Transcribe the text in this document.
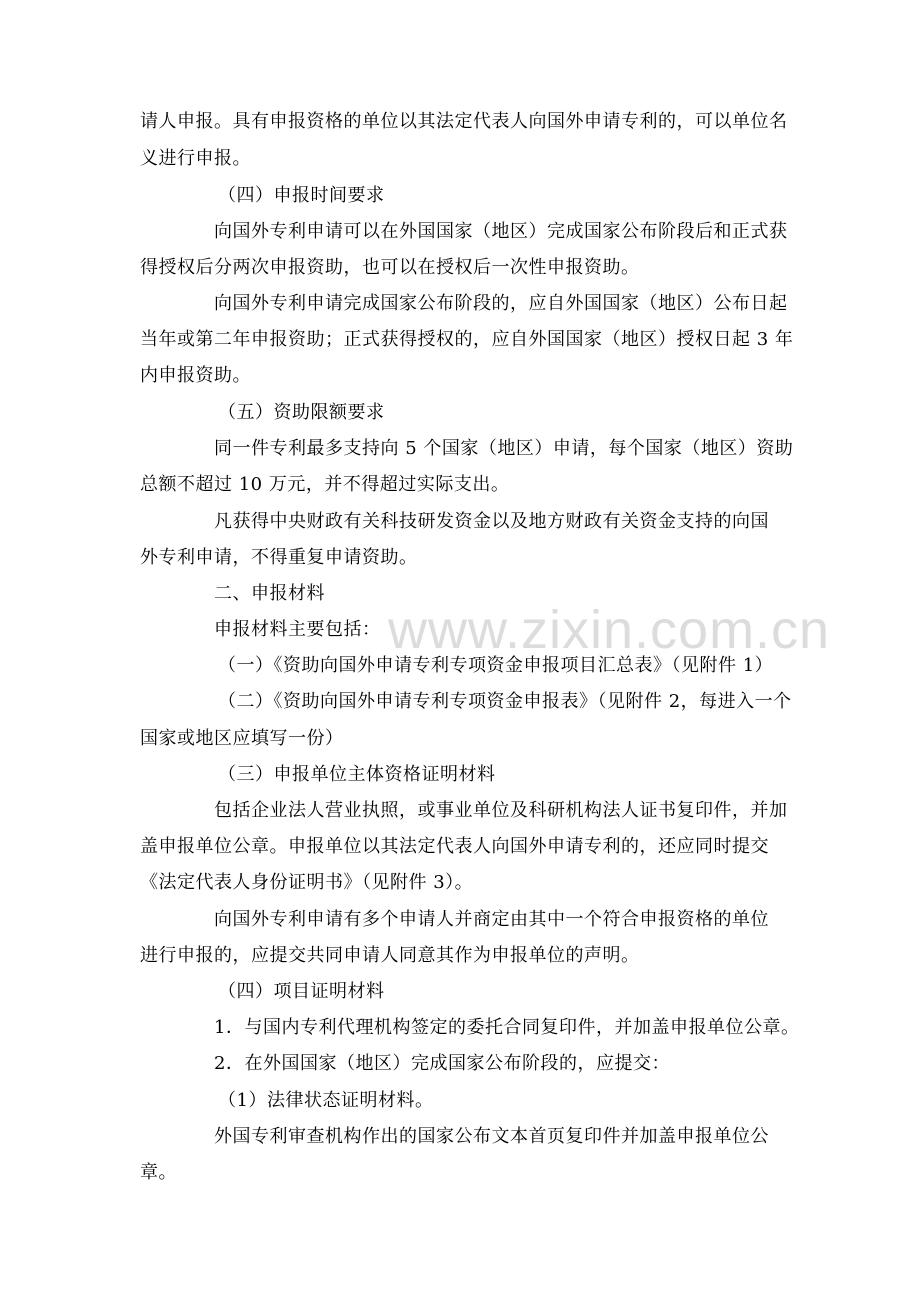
www.zixin.com.cn
请人申报。具有申报资格的单位以其法定代表人向国外申请专利的，可以单位名
义进行申报。
（四）申报时间要求
向国外专利申请可以在外国国家（地区）完成国家公布阶段后和正式获
得授权后分两次申报资助，也可以在授权后一次性申报资助。
向国外专利申请完成国家公布阶段的，应自外国国家（地区）公布日起
当年或第二年申报资助；正式获得授权的，应自外国国家（地区）授权日起 3 年
内申报资助。
（五）资助限额要求
同一件专利最多支持向 5 个国家（地区）申请，每个国家（地区）资助
总额不超过 10 万元，并不得超过实际支出。
凡获得中央财政有关科技研发资金以及地方财政有关资金支持的向国
外专利申请，不得重复申请资助。
二、申报材料
申报材料主要包括：
（一）《资助向国外申请专利专项资金申报项目汇总表》（见附件 1）
（二）《资助向国外申请专利专项资金申报表》（见附件 2，每进入一个
国家或地区应填写一份）
（三）申报单位主体资格证明材料
包括企业法人营业执照，或事业单位及科研机构法人证书复印件，并加
盖申报单位公章。申报单位以其法定代表人向国外申请专利的，还应同时提交
《法定代表人身份证明书》（见附件 3）。
向国外专利申请有多个申请人并商定由其中一个符合申报资格的单位
进行申报的，应提交共同申请人同意其作为申报单位的声明。
（四）项目证明材料
1．与国内专利代理机构签定的委托合同复印件，并加盖申报单位公章。
2．在外国国家（地区）完成国家公布阶段的，应提交：
（1）法律状态证明材料。
外国专利审查机构作出的国家公布文本首页复印件并加盖申报单位公
章。
